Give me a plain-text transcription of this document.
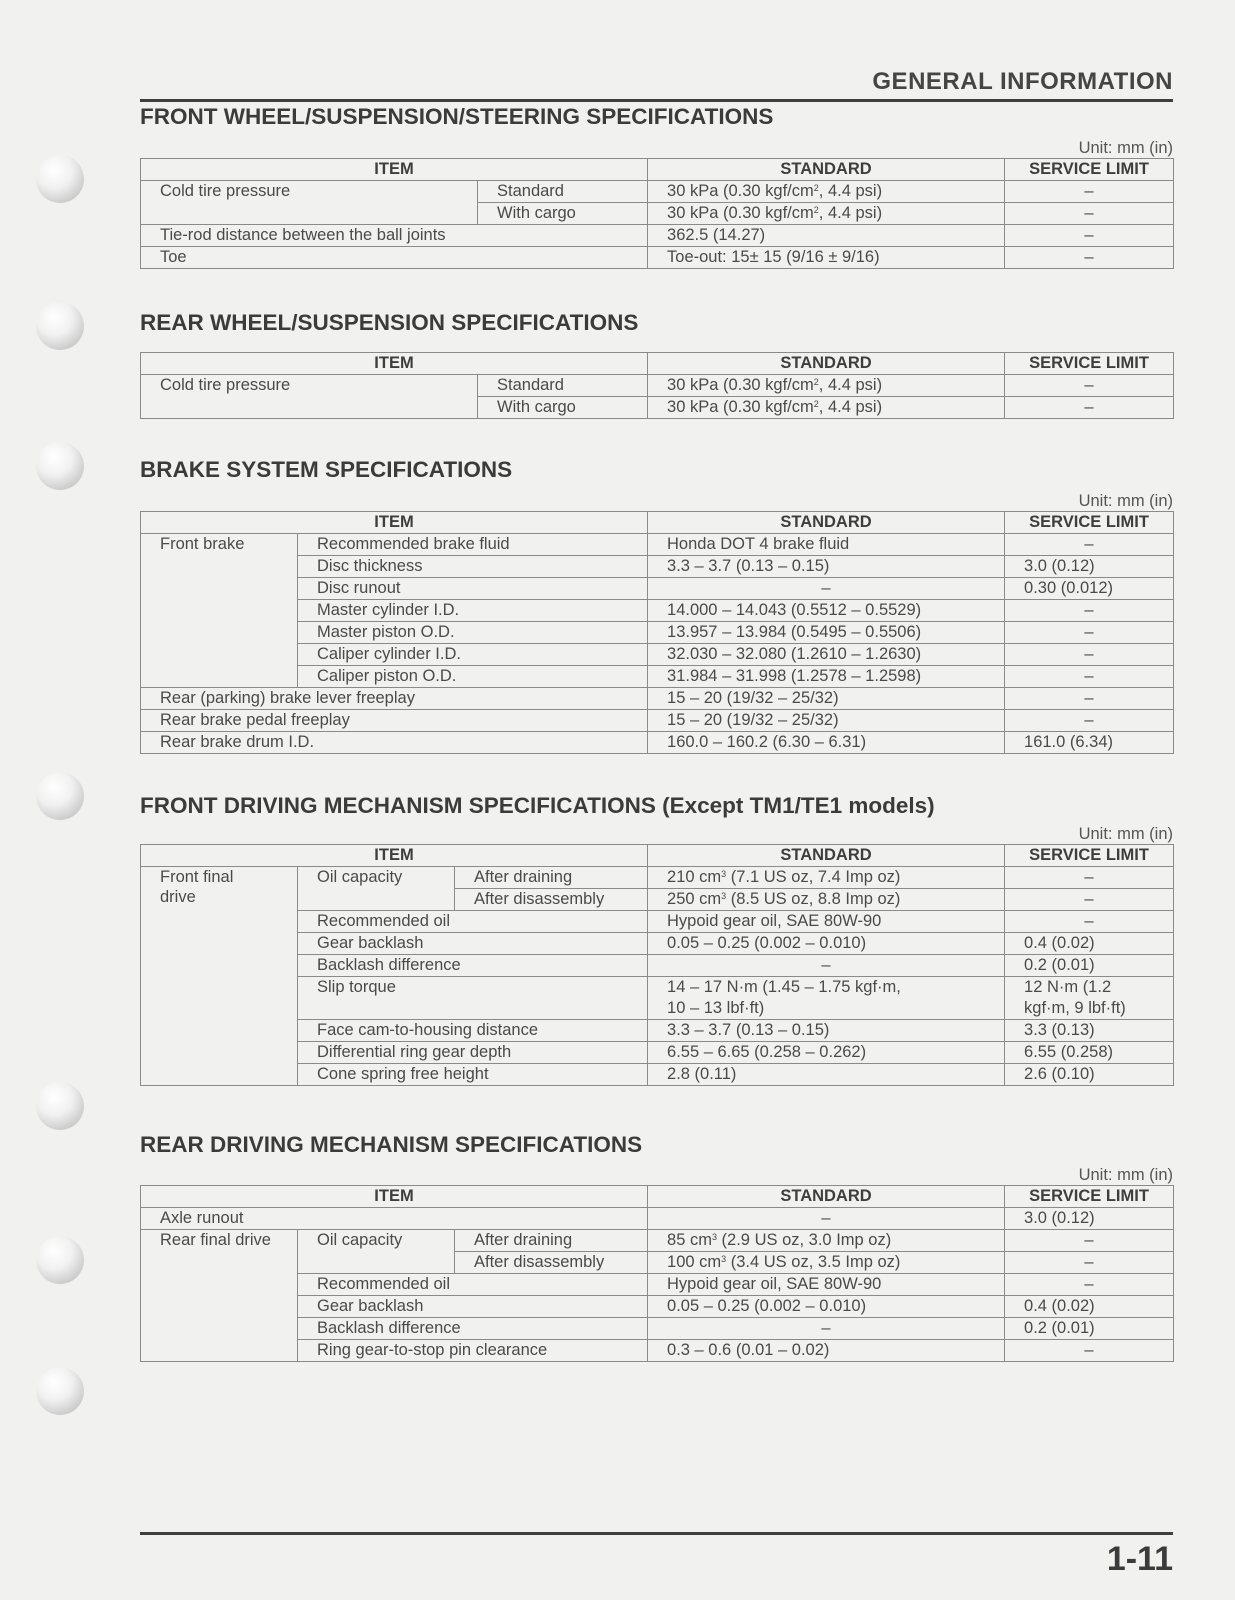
GENERAL INFORMATION
FRONT WHEEL/SUSPENSION/STEERING SPECIFICATIONS
Unit: mm (in)
ITEM		STANDARD	SERVICE LIMIT
Cold tire pressure	Standard	30 kPa (0.30 kgf/$cm^2$, 4.4 psi)	–
	With cargo	30 kPa (0.30 kgf/$cm^2$, 4.4 psi)	–
Tie-rod distance between the ball joints		362.5 (14.27)	–
Toe		Toe-out: 15± 15 (9/16 ± 9/16)	–
REAR WHEEL/SUSPENSION SPECIFICATIONS
ITEM		STANDARD	SERVICE LIMIT
Cold tire pressure	Standard	30 kPa (0.30 kgf/$cm^2$, 4.4 psi)	–
	With cargo	30 kPa (0.30 kgf/$cm^2$, 4.4 psi)	–
BRAKE SYSTEM SPECIFICATIONS
Unit: mm (in)
ITEM		STANDARD	SERVICE LIMIT
Front brake	Recommended brake fluid	Honda DOT 4 brake fluid	–
	Disc thickness	3.3 – 3.7 (0.13 – 0.15)	3.0 (0.12)
	Disc runout	–	0.30 (0.012)
	Master cylinder I.D.	14.000 – 14.043 (0.5512 – 0.5529)	–
	Master piston O.D.	13.957 – 13.984 (0.5495 – 0.5506)	–
	Caliper cylinder I.D.	32.030 – 32.080 (1.2610 – 1.2630)	–
	Caliper piston O.D.	31.984 – 31.998 (1.2578 – 1.2598)	–
Rear (parking) brake lever freeplay		15 – 20 (19/32 – 25/32)	–
Rear brake pedal freeplay		15 – 20 (19/32 – 25/32)	–
Rear brake drum I.D.		160.0 – 160.2 (6.30 – 6.31)	161.0 (6.34)
FRONT DRIVING MECHANISM SPECIFICATIONS (Except TM1/TE1 models)
Unit: mm (in)
ITEM			STANDARD	SERVICE LIMIT
Front final drive	Oil capacity	After draining	210 $cm^3$ (7.1 US oz, 7.4 Imp oz)	–
		After disassembly	250 $cm^3$ (8.5 US oz, 8.8 Imp oz)	–
	Recommended oil		Hypoid gear oil, SAE 80W-90	–
	Gear backlash		0.05 – 0.25 (0.002 – 0.010)	0.4 (0.02)
	Backlash difference		–	0.2 (0.01)
	Slip torque		14 – 17 N·m (1.45 – 1.75 kgf·m,	12 N·m (1.2
			10 – 13 lbf·ft)	kgf·m, 9 lbf·ft)
	Face cam-to-housing distance		3.3 – 3.7 (0.13 – 0.15)	3.3 (0.13)
	Differential ring gear depth		6.55 – 6.65 (0.258 – 0.262)	6.55 (0.258)
	Cone spring free height		2.8 (0.11)	2.6 (0.10)
REAR DRIVING MECHANISM SPECIFICATIONS
Unit: mm (in)
ITEM			STANDARD	SERVICE LIMIT
Axle runout			–	3.0 (0.12)
Rear final drive	Oil capacity	After draining	85 $cm^3$ (2.9 US oz, 3.0 Imp oz)	–
		After disassembly	100 $cm^3$ (3.4 US oz, 3.5 Imp oz)	–
	Recommended oil		Hypoid gear oil, SAE 80W-90	–
	Gear backlash		0.05 – 0.25 (0.002 – 0.010)	0.4 (0.02)
	Backlash difference		–	0.2 (0.01)
	Ring gear-to-stop pin clearance		0.3 – 0.6 (0.01 – 0.02)	–
1-11
